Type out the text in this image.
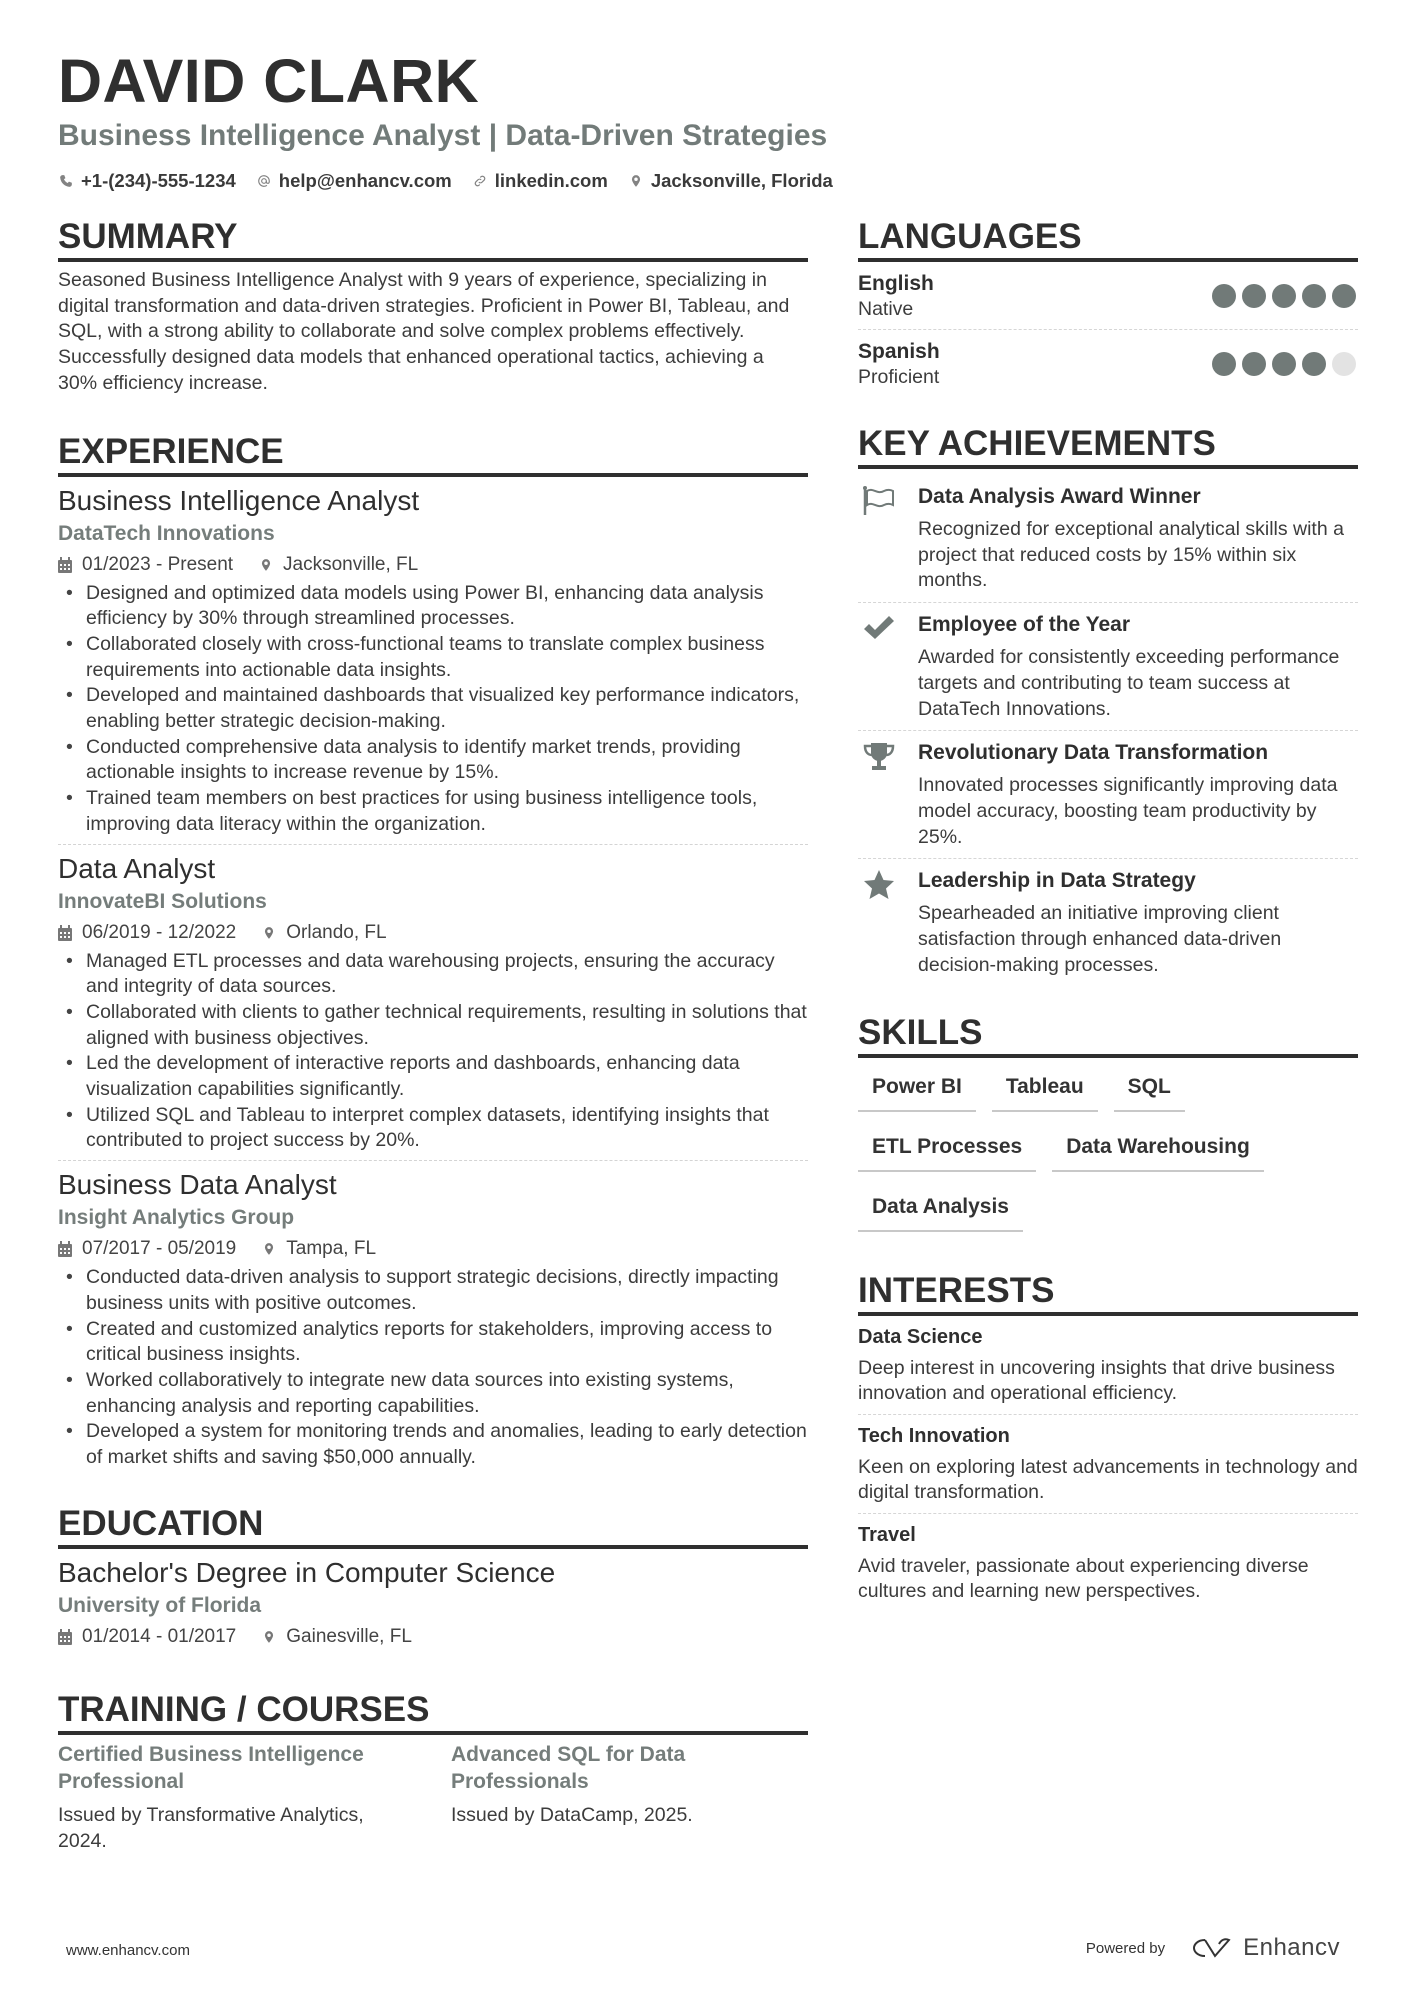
DAVID CLARK
Business Intelligence Analyst | Data-Driven Strategies
+1-(234)-555-1234 help@enhancv.com linkedin.com Jacksonville, Florida
SUMMARY
Seasoned Business Intelligence Analyst with 9 years of experience, specializing in digital transformation and data-driven strategies. Proficient in Power BI, Tableau, and SQL, with a strong ability to collaborate and solve complex problems effectively. Successfully designed data models that enhanced operational tactics, achieving a 30% efficiency increase.
EXPERIENCE
Business Intelligence Analyst
DataTech Innovations
01/2023 - Present	Jacksonville, FL
• Designed and optimized data models using Power BI, enhancing data analysis efficiency by 30% through streamlined processes.
• Collaborated closely with cross-functional teams to translate complex business requirements into actionable data insights.
• Developed and maintained dashboards that visualized key performance indicators, enabling better strategic decision-making.
• Conducted comprehensive data analysis to identify market trends, providing actionable insights to increase revenue by 15%.
• Trained team members on best practices for using business intelligence tools, improving data literacy within the organization.
Data Analyst
InnovateBI Solutions
06/2019 - 12/2022	Orlando, FL
• Managed ETL processes and data warehousing projects, ensuring the accuracy and integrity of data sources.
• Collaborated with clients to gather technical requirements, resulting in solutions that aligned with business objectives.
• Led the development of interactive reports and dashboards, enhancing data visualization capabilities significantly.
• Utilized SQL and Tableau to interpret complex datasets, identifying insights that contributed to project success by 20%.
Business Data Analyst
Insight Analytics Group
07/2017 - 05/2019	Tampa, FL
• Conducted data-driven analysis to support strategic decisions, directly impacting business units with positive outcomes.
• Created and customized analytics reports for stakeholders, improving access to critical business insights.
• Worked collaboratively to integrate new data sources into existing systems, enhancing analysis and reporting capabilities.
• Developed a system for monitoring trends and anomalies, leading to early detection of market shifts and saving $50,000 annually.
EDUCATION
Bachelor's Degree in Computer Science
University of Florida
01/2014 - 01/2017	Gainesville, FL
TRAINING / COURSES
Certified Business Intelligence Professional
Issued by Transformative Analytics, 2024.
Advanced SQL for Data Professionals
Issued by DataCamp, 2025.
LANGUAGES
English
Native
Spanish
Proficient
KEY ACHIEVEMENTS
Data Analysis Award Winner
Recognized for exceptional analytical skills with a project that reduced costs by 15% within six months.
Employee of the Year
Awarded for consistently exceeding performance targets and contributing to team success at DataTech Innovations.
Revolutionary Data Transformation
Innovated processes significantly improving data model accuracy, boosting team productivity by 25%.
Leadership in Data Strategy
Spearheaded an initiative improving client satisfaction through enhanced data-driven decision-making processes.
SKILLS
Power BI	Tableau	SQL
ETL Processes	Data Warehousing
Data Analysis
INTERESTS
Data Science
Deep interest in uncovering insights that drive business innovation and operational efficiency.
Tech Innovation
Keen on exploring latest advancements in technology and digital transformation.
Travel
Avid traveler, passionate about experiencing diverse cultures and learning new perspectives.
www.enhancv.com	Powered by	Enhancv
